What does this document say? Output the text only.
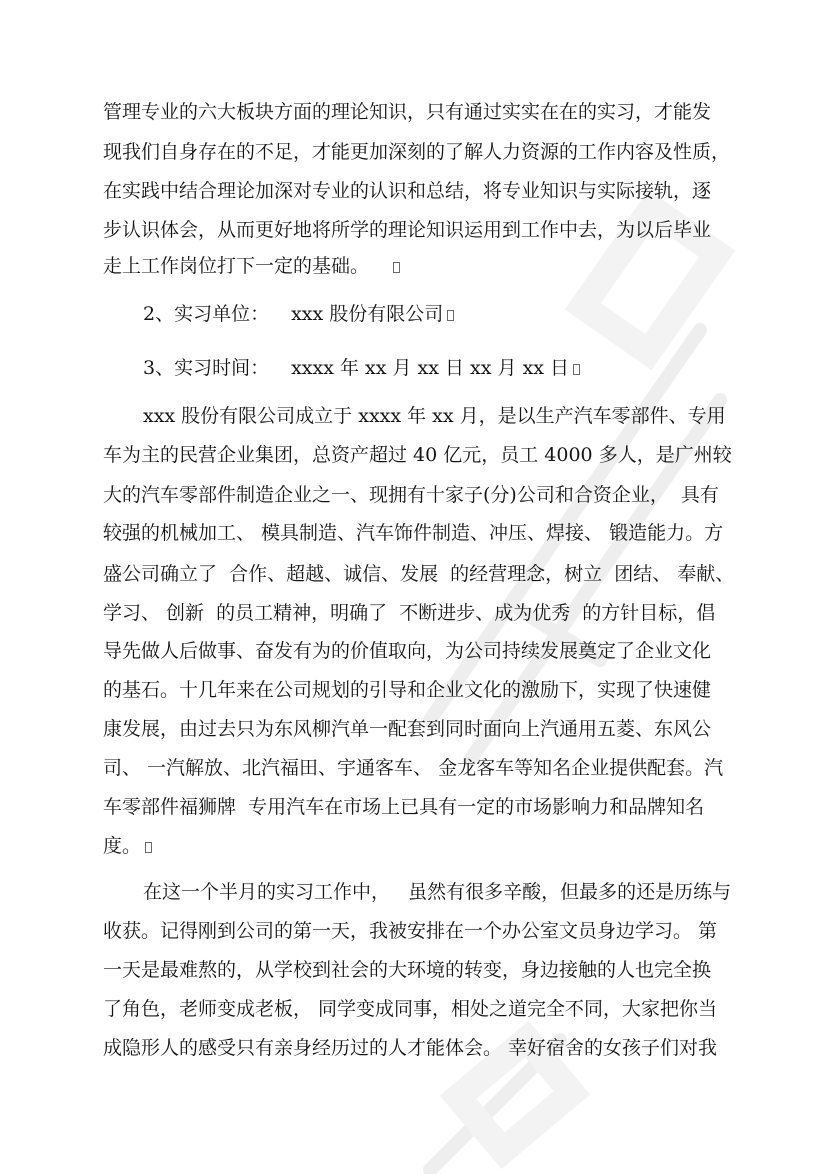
管理专业的六大板块方面的理论知识，只有通过实实在在的实习，才能发
现我们自身存在的不足，才能更加深刻的了解人力资源的工作内容及性质，
在实践中结合理论加深对专业的认识和总结，将专业知识与实际接轨，逐
步认识体会，从而更好地将所学的理论知识运用到工作中去，为以后毕业
走上工作岗位打下一定的基础。
2、实习单位： xxx 股份有限公司
3、实习时间： xxxx 年 xx 月 xx 日 xx 月 xx 日
xxx 股份有限公司成立于 xxxx 年 xx 月，是以生产汽车零部件、专用
车为主的民营企业集团，总资产超过 40 亿元，员工 4000 多人，是广州较
大的汽车零部件制造企业之一、现拥有十家子(分)公司和合资企业，  具有
较强的机械加工、 模具制造、汽车饰件制造、冲压、焊接、 锻造能力。方
盛公司确立了  合作、超越、诚信、发展  的经营理念，树立  团结、 奉献、
学习、 创新  的员工精神，明确了  不断进步、成为优秀  的方针目标，倡
导先做人后做事、奋发有为的价值取向，为公司持续发展奠定了企业文化
的基石。十几年来在公司规划的引导和企业文化的激励下，实现了快速健
康发展，由过去只为东风柳汽单一配套到同时面向上汽通用五菱、东风公
司、 一汽解放、北汽福田、宇通客车、 金龙客车等知名企业提供配套。汽
车零部件福狮牌  专用汽车在市场上已具有一定的市场影响力和品牌知名
度。
在这一个半月的实习工作中，   虽然有很多辛酸，但最多的还是历练与
收获。记得刚到公司的第一天，我被安排在一个办公室文员身边学习。 第
一天是最难熬的，从学校到社会的大环境的转变，身边接触的人也完全换
了角色，老师变成老板， 同学变成同事，相处之道完全不同，大家把你当
成隐形人的感受只有亲身经历过的人才能体会。 幸好宿舍的女孩子们对我
